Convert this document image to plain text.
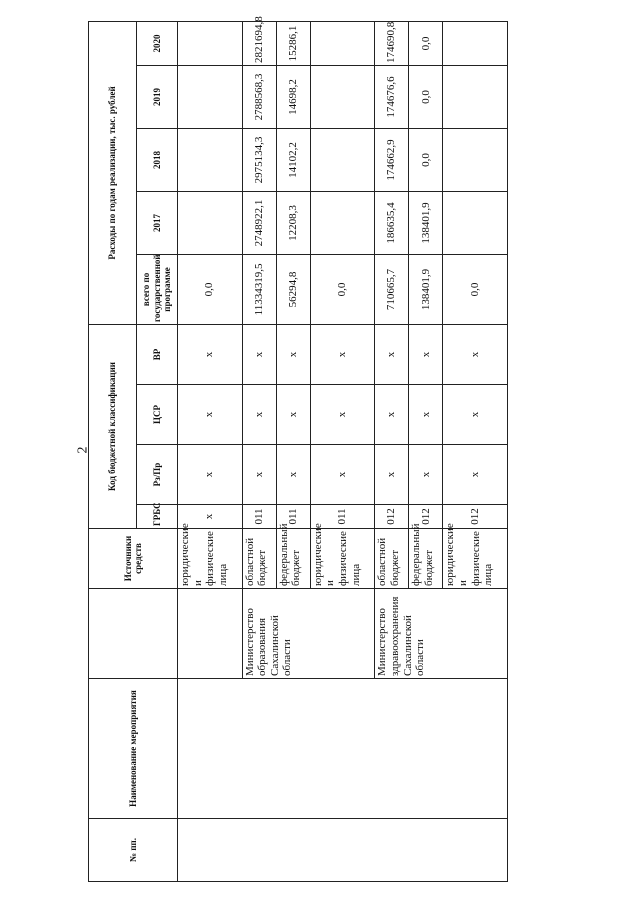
2
№ пп.	Наименование мероприятия		Источники средств	Код бюджетной классификации				Расходы по годам реализации, тыс. рублей				
				ГРБС	Рз/Пр	ЦСР	ВР	всего по государственной программе	2017	2018	2019	2020
			юридические и физические лица	х	х	х	х	0,0				
		Министерство образования Сахалинской области	областной бюджет	011	х	х	х	11334319,5	2748922,1	2975134,3	2788568,3	2821694,8
			федеральный бюджет	011	х	х	х	56294,8	12208,3	14102,2	14698,2	15286,1
			юридические и физические лица	011	х	х	х	0,0				
		Министерство здравоохранения Сахалинской области	областной бюджет	012	х	х	х	710665,7	186635,4	174662,9	174676,6	174690,8
			федеральный бюджет	012	х	х	х	138401,9	138401,9	0,0	0,0	0,0
			юридические и физические лица	012	х	х	х	0,0				
